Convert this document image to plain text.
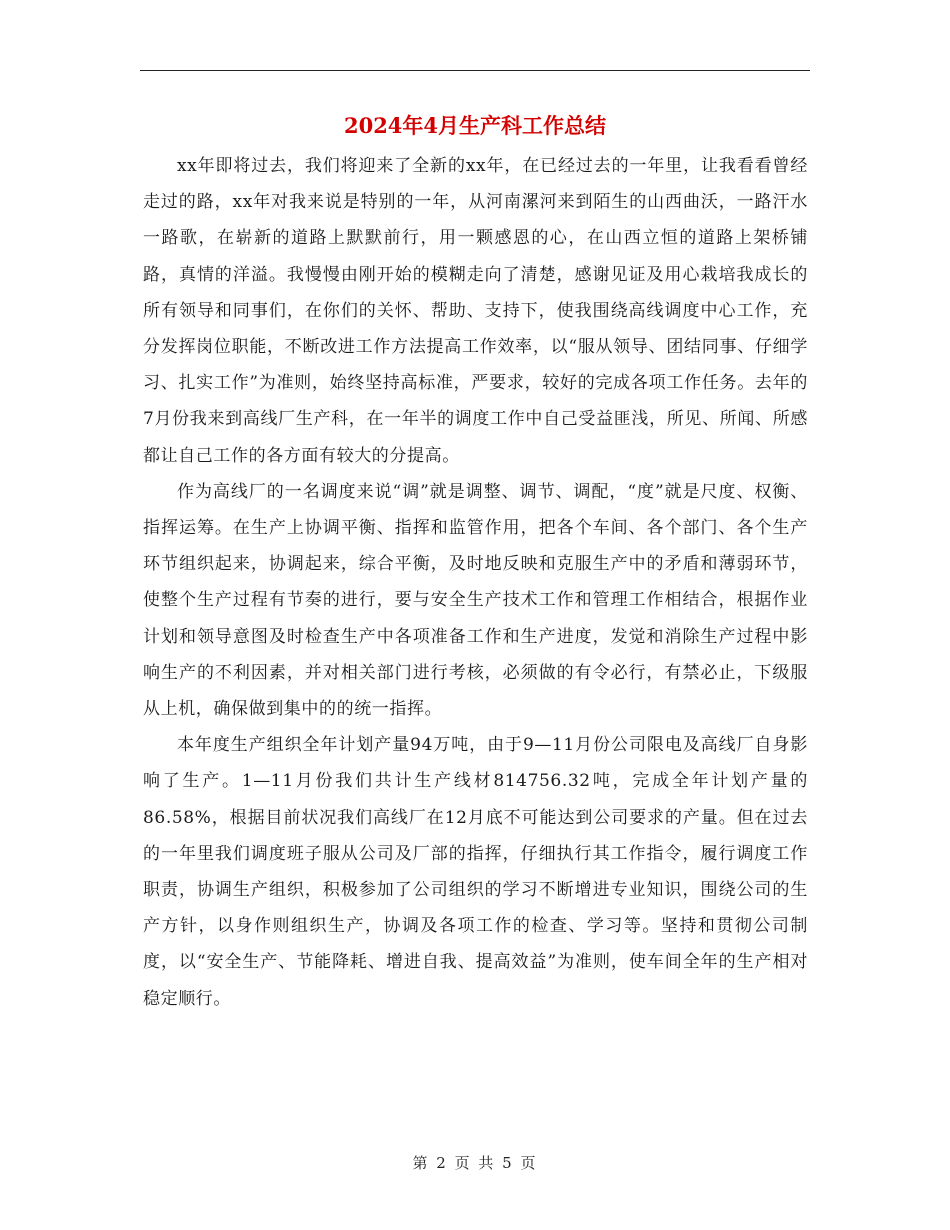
2024年4月生产科工作总结

xx年即将过去，我们将迎来了全新的xx年，在已经过去的一年里，让我看看曾经走过的路，xx年对我来说是特别的一年，从河南漯河来到陌生的山西曲沃，一路汗水一路歌，在崭新的道路上默默前行，用一颗感恩的心，在山西立恒的道路上架桥铺路，真情的洋溢。我慢慢由刚开始的模糊走向了清楚，感谢见证及用心栽培我成长的所有领导和同事们，在你们的关怀、帮助、支持下，使我围绕高线调度中心工作，充分发挥岗位职能，不断改进工作方法提高工作效率，以“服从领导、团结同事、仔细学习、扎实工作”为准则，始终坚持高标准，严要求，较好的完成各项工作任务。去年的7月份我来到高线厂生产科，在一年半的调度工作中自己受益匪浅，所见、所闻、所感都让自己工作的各方面有较大的分提高。

作为高线厂的一名调度来说“调”就是调整、调节、调配，“度”就是尺度、权衡、指挥运筹。在生产上协调平衡、指挥和监管作用，把各个车间、各个部门、各个生产环节组织起来，协调起来，综合平衡，及时地反映和克服生产中的矛盾和薄弱环节，使整个生产过程有节奏的进行，要与安全生产技术工作和管理工作相结合，根据作业计划和领导意图及时检查生产中各项准备工作和生产进度，发觉和消除生产过程中影响生产的不利因素，并对相关部门进行考核，必须做的有令必行，有禁必止，下级服从上机，确保做到集中的的统一指挥。

本年度生产组织全年计划产量94万吨，由于9—11月份公司限电及高线厂自身影响了生产。1—11月份我们共计生产线材814756.32吨，完成全年计划产量的86.58%，根据目前状况我们高线厂在12月底不可能达到公司要求的产量。但在过去的一年里我们调度班子服从公司及厂部的指挥，仔细执行其工作指令，履行调度工作职责，协调生产组织，积极参加了公司组织的学习不断增进专业知识，围绕公司的生产方针，以身作则组织生产，协调及各项工作的检查、学习等。坚持和贯彻公司制度，以“安全生产、节能降耗、增进自我、提高效益”为准则，使车间全年的生产相对稳定顺行。

第 2 页 共 5 页
